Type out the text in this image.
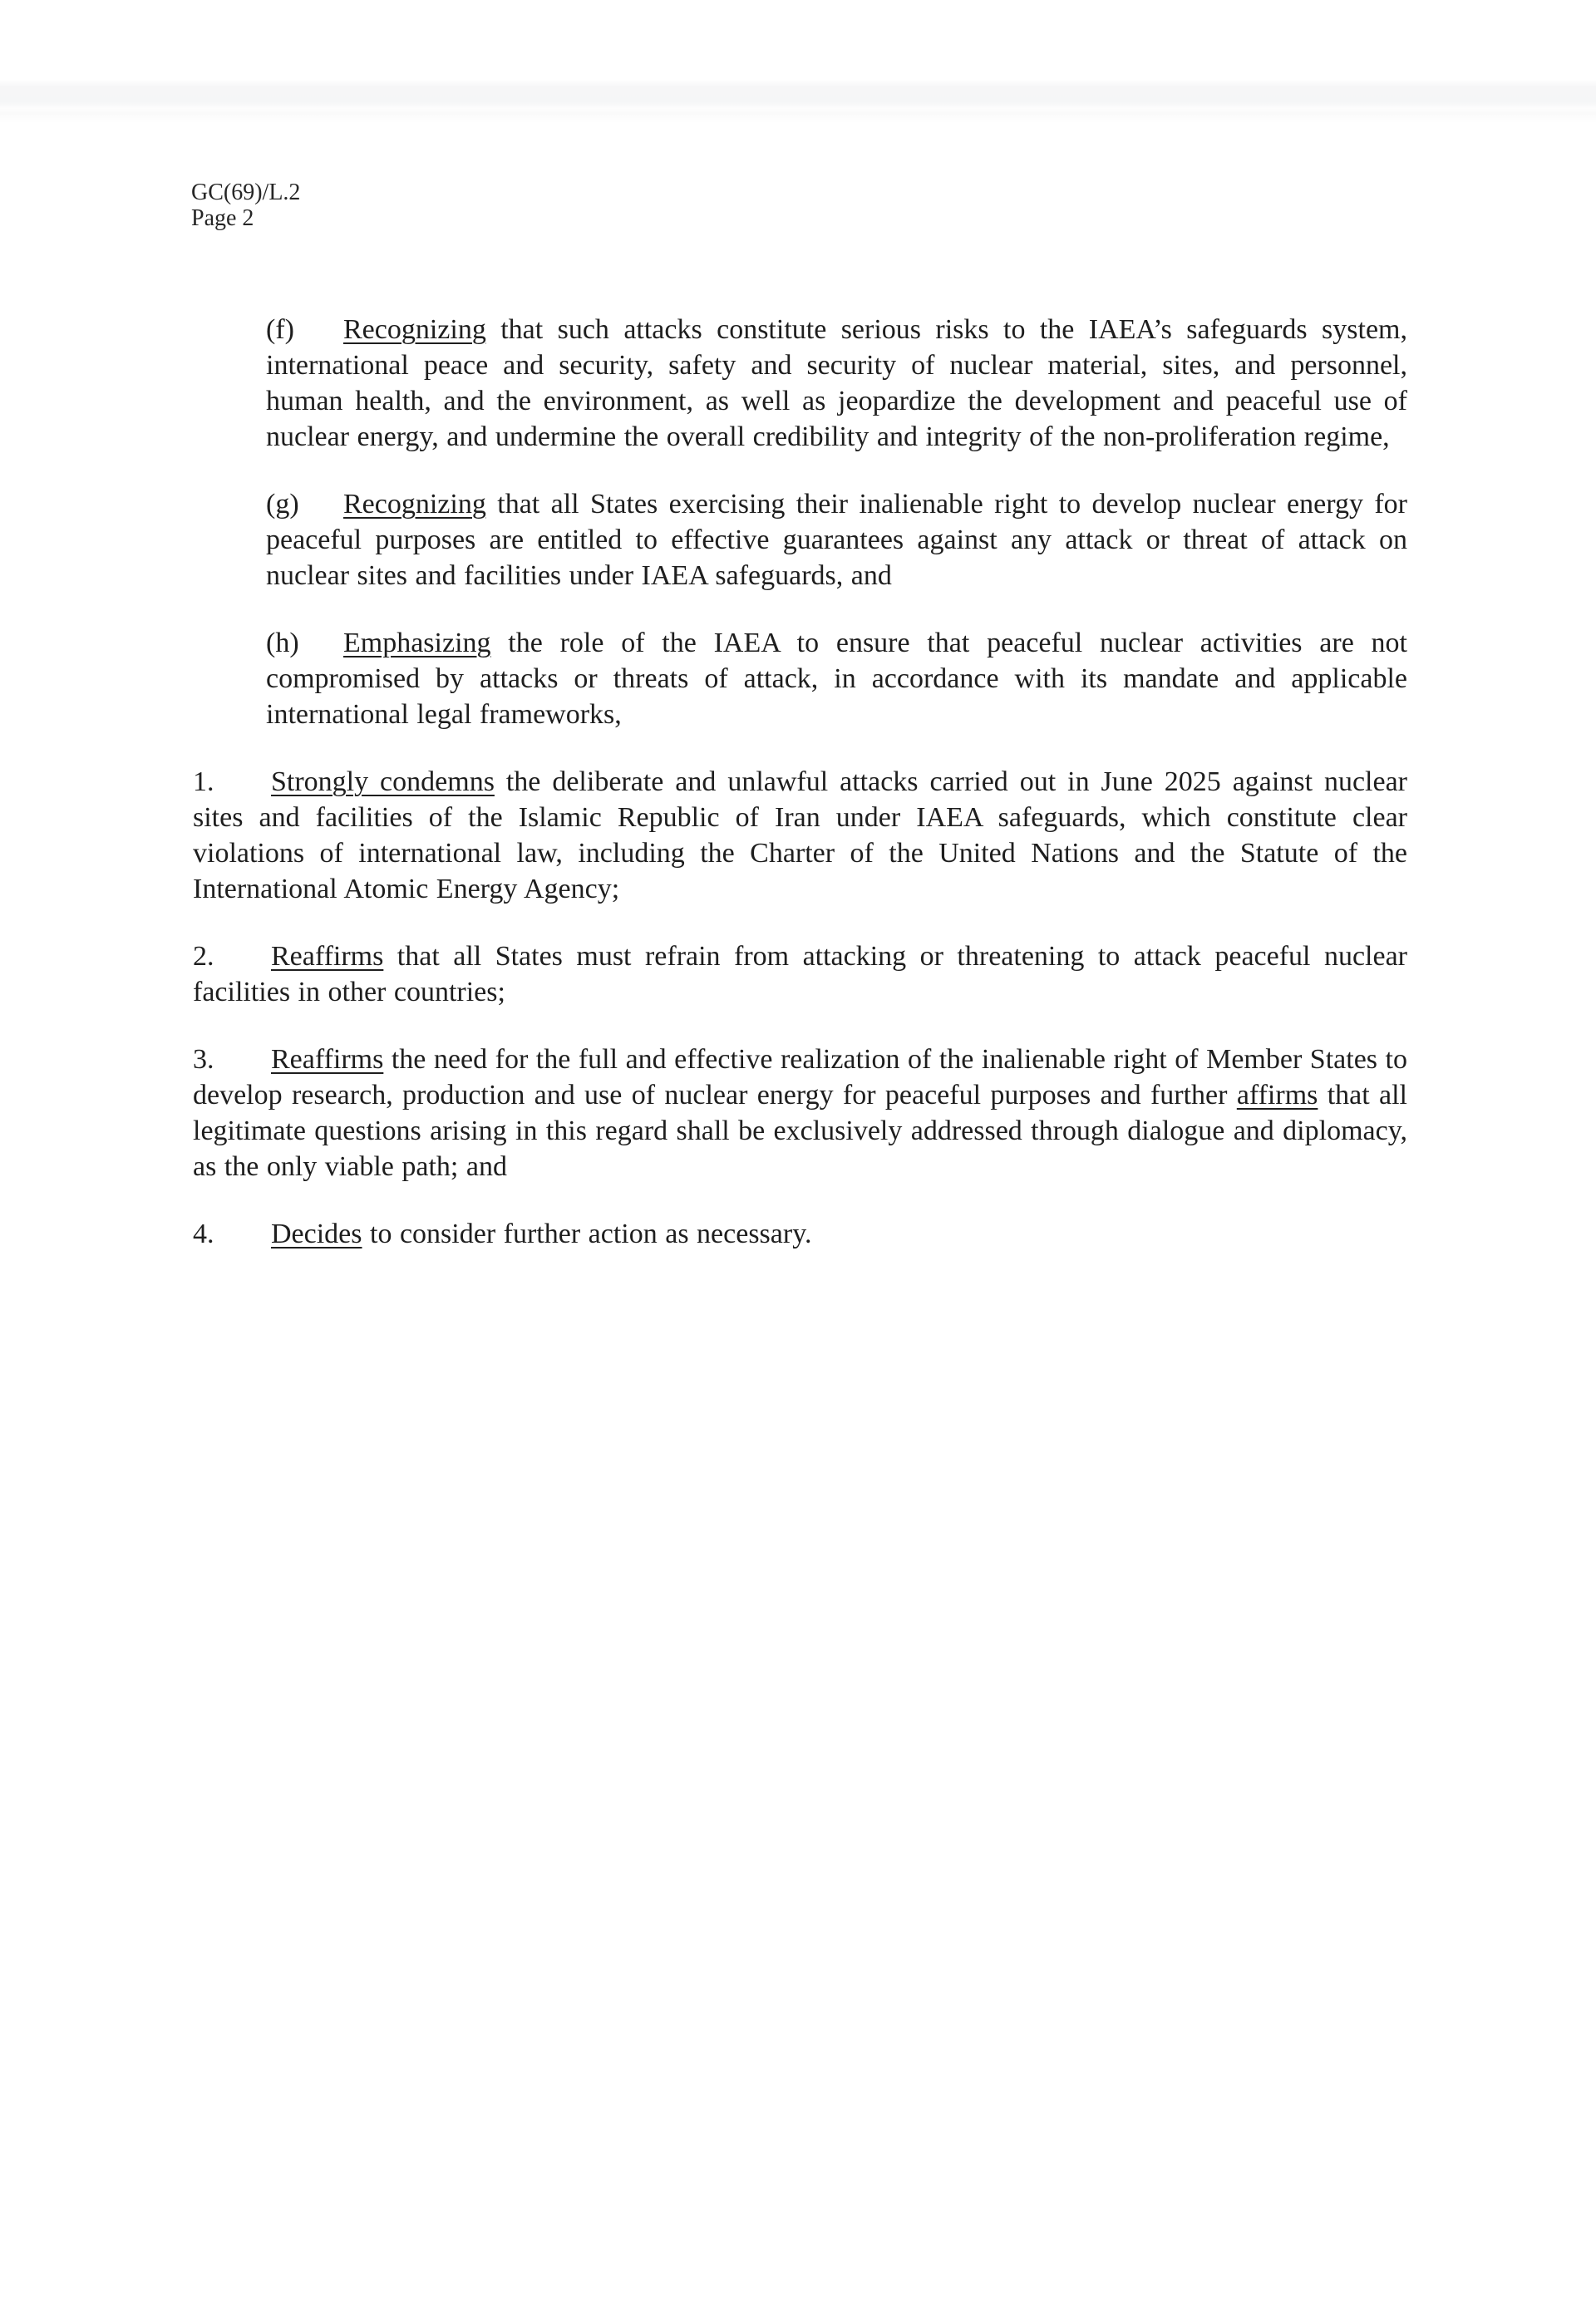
GC(69)/L.2
Page 2
(f) Recognizing that such attacks constitute serious risks to the IAEA’s safeguards system, international peace and security, safety and security of nuclear material, sites, and personnel, human health, and the environment, as well as jeopardize the development and peaceful use of nuclear energy, and undermine the overall credibility and integrity of the non-proliferation regime,
(g) Recognizing that all States exercising their inalienable right to develop nuclear energy for peaceful purposes are entitled to effective guarantees against any attack or threat of attack on nuclear sites and facilities under IAEA safeguards, and
(h) Emphasizing the role of the IAEA to ensure that peaceful nuclear activities are not compromised by attacks or threats of attack, in accordance with its mandate and applicable international legal frameworks,
1. Strongly condemns the deliberate and unlawful attacks carried out in June 2025 against nuclear sites and facilities of the Islamic Republic of Iran under IAEA safeguards, which constitute clear violations of international law, including the Charter of the United Nations and the Statute of the International Atomic Energy Agency;
2. Reaffirms that all States must refrain from attacking or threatening to attack peaceful nuclear facilities in other countries;
3. Reaffirms the need for the full and effective realization of the inalienable right of Member States to develop research, production and use of nuclear energy for peaceful purposes and further affirms that all legitimate questions arising in this regard shall be exclusively addressed through dialogue and diplomacy, as the only viable path; and
4. Decides to consider further action as necessary.
